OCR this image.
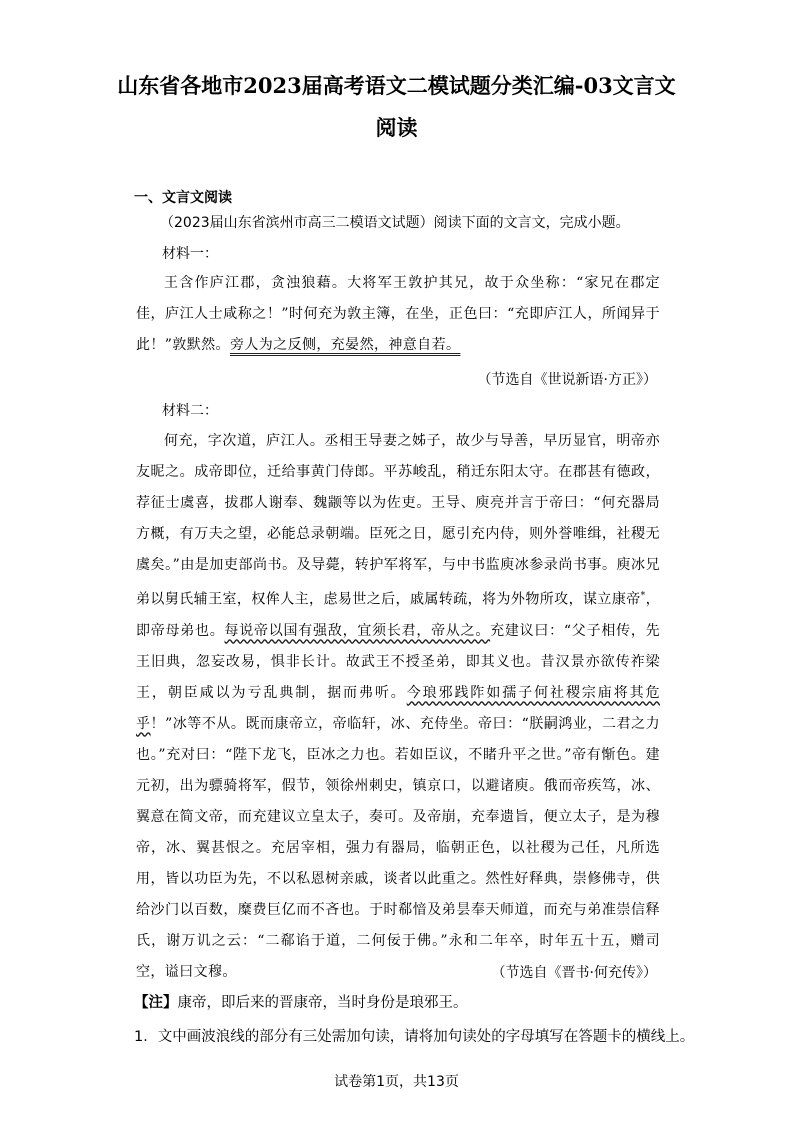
山东省各地市2023届高考语文二模试题分类汇编-03文言文
阅读
一、文言文阅读
（2023届山东省滨州市高三二模语文试题）阅读下面的文言文，完成小题。
材料一：
王含作庐江郡，贪浊狼藉。大将军王敦护其兄，故于众坐称：“家兄在郡定佳，庐江人士咸称之！”时何充为敦主簿，在坐，正色曰：“充即庐江人，所闻异于此！”敦默然。旁人为之反侧，充晏然，神意自若。
（节选自《世说新语·方正》）
材料二：
何充，字次道，庐江人。丞相王导妻之姊子，故少与导善，早历显官，明帝亦友昵之。成帝即位，迁给事黄门侍郎。平苏峻乱，稍迁东阳太守。在郡甚有德政，荐征士虞喜，拔郡人谢奉、魏颛等以为佐吏。王导、庾亮并言于帝曰：“何充器局方概，有万夫之望，必能总录朝端。臣死之日，愿引充内侍，则外誉唯缉，社稷无虞矣。”由是加吏部尚书。及导薨，转护军将军，与中书监庾冰参录尚书事。庾冰兄弟以舅氏辅王室，权侔人主，虑易世之后，戚属转疏，将为外物所攻，谋立康帝*，即帝母弟也。每说帝以国有强敌，宜须长君，帝从之。充建议曰：“父子相传，先王旧典，忽妄改易，惧非长计。故武王不授圣弟，即其义也。昔汉景亦欲传祚梁王，朝臣咸以为亏乱典制，据而弗听。今琅邪践阼如孺子何社稷宗庙将其危乎！”冰等不从。既而康帝立，帝临轩，冰、充侍坐。帝曰：“朕嗣鸿业，二君之力也。”充对曰：“陛下龙飞，臣冰之力也。若如臣议，不睹升平之世。”帝有惭色。建元初，出为骠骑将军，假节，领徐州刺史，镇京口，以避诸庾。俄而帝疾笃，冰、翼意在简文帝，而充建议立皇太子，奏可。及帝崩，充奉遗旨，便立太子，是为穆帝，冰、翼甚恨之。充居宰相，强力有器局，临朝正色，以社稷为己任，凡所选用，皆以功臣为先，不以私恩树亲戚，谈者以此重之。然性好释典，崇修佛寺，供给沙门以百数，糜费巨亿而不吝也。于时郗愔及弟昙奉天师道，而充与弟准崇信释氏，谢万讥之云：“二郗谄于道，二何佞于佛。”永和二年卒，时年五十五，赠司空，谥曰文穆。	（节选自《晋书·何充传》）
【注】康帝，即后来的晋康帝，当时身份是琅邪王。
1．文中画波浪线的部分有三处需加句读，请将加句读处的字母填写在答题卡的横线上。
试卷第1页，共13页
